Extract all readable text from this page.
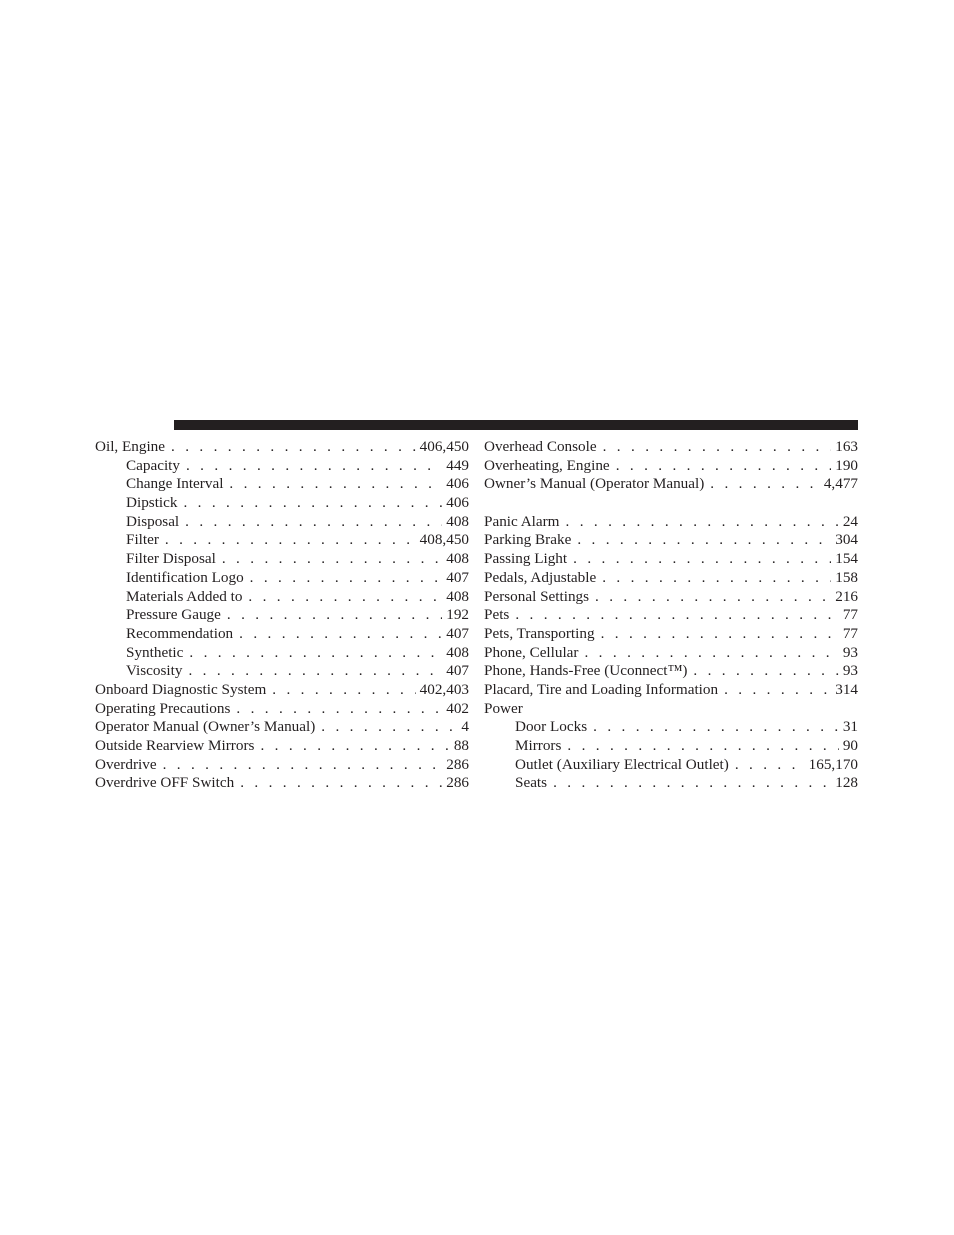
Oil, Engine . . .	406,450
Capacity . . .	449
Change Interval . . .	406
Dipstick . . .	406
Disposal . . .	408
Filter . . .	408,450
Filter Disposal . . .	408
Identification Logo . . .	407
Materials Added to . . .	408
Pressure Gauge . . .	192
Recommendation . . .	407
Synthetic . . .	408
Viscosity . . .	407
Onboard Diagnostic System . . .	402,403
Operating Precautions . . .	402
Operator Manual (Owner’s Manual) . . .	4
Outside Rearview Mirrors . . .	88
Overdrive . . .	286
Overdrive OFF Switch . . .	286
Overhead Console . . .	163
Overheating, Engine . . .	190
Owner’s Manual (Operator Manual) . . .	4,477
Panic Alarm . . .	24
Parking Brake . . .	304
Passing Light . . .	154
Pedals, Adjustable . . .	158
Personal Settings . . .	216
Pets . . .	77
Pets, Transporting . . .	77
Phone, Cellular . . .	93
Phone, Hands-Free (Uconnect™) . . .	93
Placard, Tire and Loading Information . . .	314
Power
Door Locks . . .	31
Mirrors . . .	90
Outlet (Auxiliary Electrical Outlet) . . .	165,170
Seats . . .	128
